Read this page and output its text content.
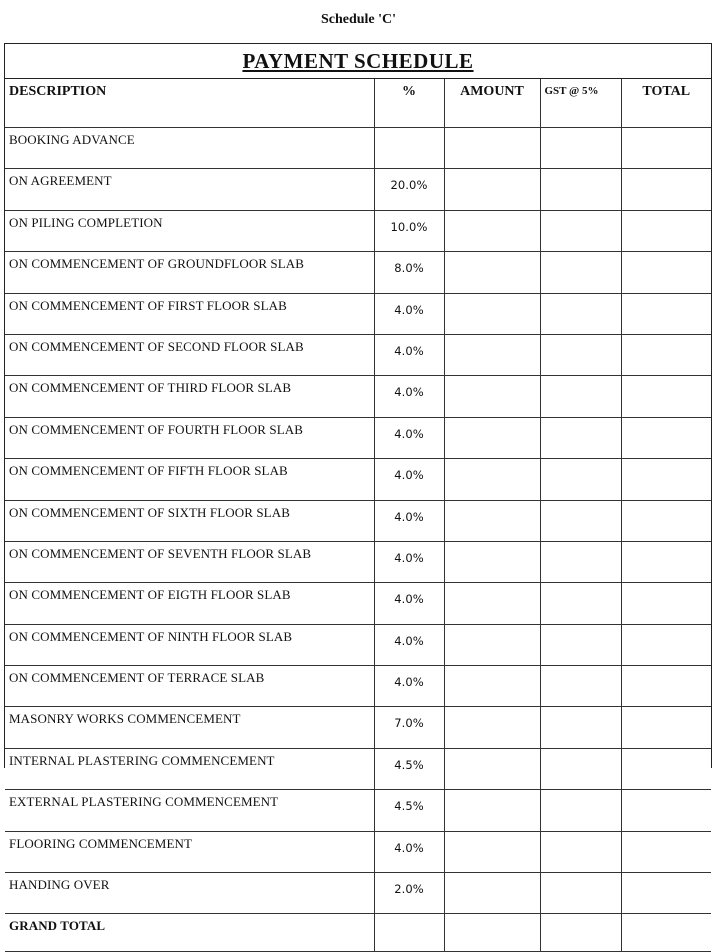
Schedule 'C'
PAYMENT SCHEDULE
DESCRIPTION	%	AMOUNT	GST @ 5%	TOTAL
BOOKING ADVANCE				
ON AGREEMENT	20.0%			
ON PILING COMPLETION	10.0%			
ON COMMENCEMENT OF GROUNDFLOOR SLAB	8.0%			
ON COMMENCEMENT OF FIRST FLOOR SLAB	4.0%			
ON COMMENCEMENT OF SECOND FLOOR SLAB	4.0%			
ON COMMENCEMENT OF THIRD FLOOR SLAB	4.0%			
ON COMMENCEMENT OF FOURTH FLOOR SLAB	4.0%			
ON COMMENCEMENT OF FIFTH FLOOR SLAB	4.0%			
ON COMMENCEMENT OF SIXTH FLOOR SLAB	4.0%			
ON COMMENCEMENT OF SEVENTH FLOOR SLAB	4.0%			
ON COMMENCEMENT OF EIGTH FLOOR SLAB	4.0%			
ON COMMENCEMENT OF NINTH FLOOR SLAB	4.0%			
ON COMMENCEMENT OF TERRACE SLAB	4.0%			
MASONRY WORKS COMMENCEMENT	7.0%			
INTERNAL PLASTERING COMMENCEMENT	4.5%			
EXTERNAL PLASTERING COMMENCEMENT	4.5%			
FLOORING COMMENCEMENT	4.0%			
HANDING OVER	2.0%			
GRAND TOTAL				
